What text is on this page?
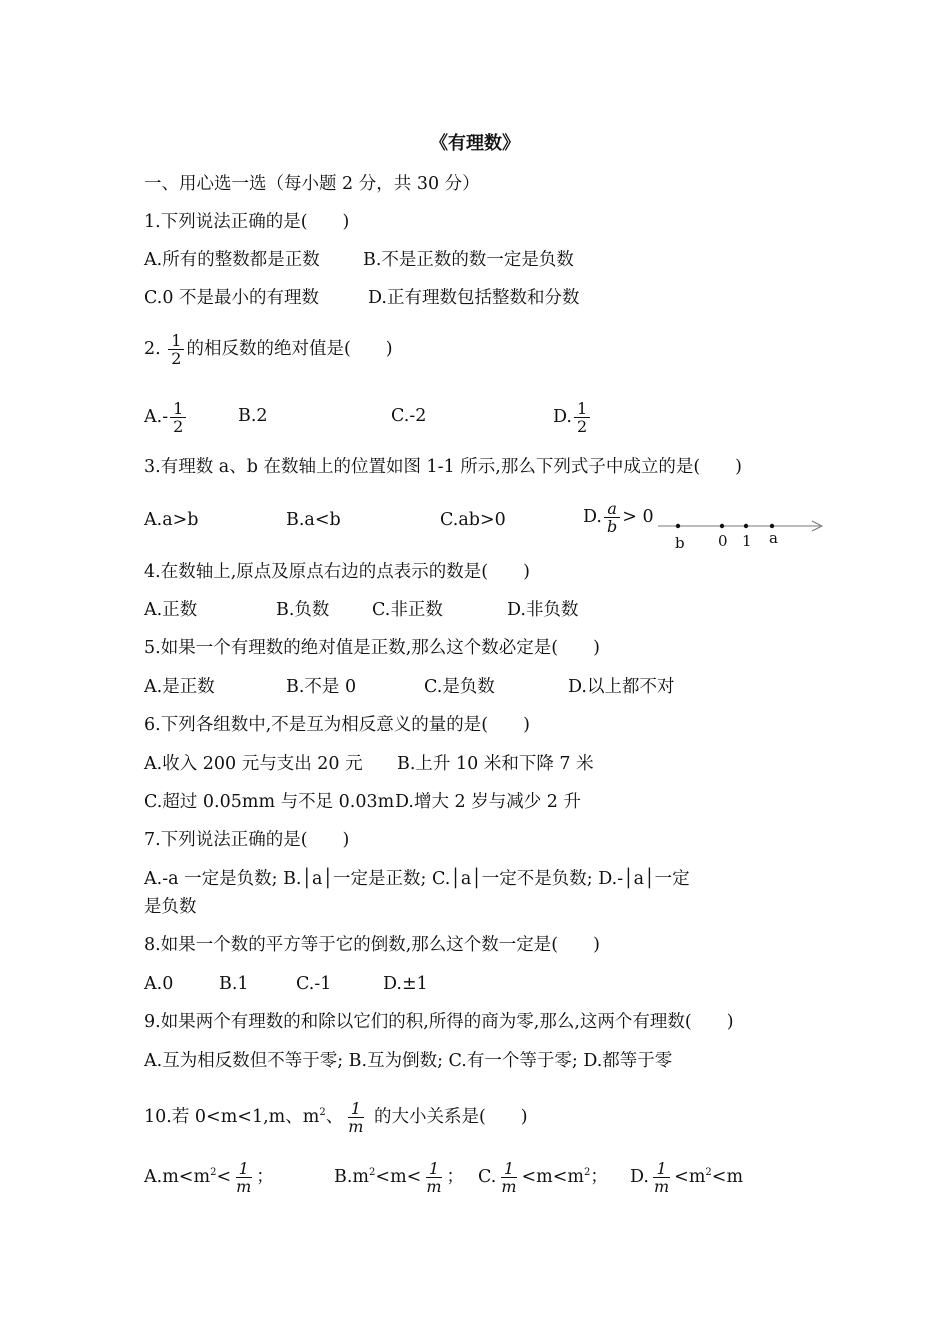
《有理数》
一、用心选一选（每小题 2 分，共 30 分）
1.下列说法正确的是(　　)
A.所有的整数都是正数 B.不是正数的数一定是负数
C.0 不是最小的有理数	D.正有理数包括整数和分数
2. $\frac{1}{2}$ 的相反数的绝对值是(　　)
$A.- \frac{1}{2}$	B.2	C.-2	D. $\frac{1}{2}$
3.有理数 a、b 在数轴上的位置如图 1-1 所示,那么下列式子中成立的是(　　)
A.a>b	B.a<b	C.ab>0	D. $\frac{a}{b} > 0$
b 0 1 a
4.在数轴上,原点及原点右边的点表示的数是(　　)
A.正数	B.负数 C.非正数	D.非负数
5.如果一个有理数的绝对值是正数,那么这个数必定是(　　)
A.是正数	B.不是 0	C.是负数	D.以上都不对
6.下列各组数中,不是互为相反意义的量的是(　　)
A.收入 200 元与支出 20 元 B.上升 10 米和下降 7 米
C.超过 0.05mm 与不足 0.03m D.增大 2 岁与减少 2 升
7.下列说法正确的是(　　)
A.-a 一定是负数; B.│a│一定是正数; C.│a│一定不是负数; D.-│a│一定
是负数
8.如果一个数的平方等于它的倒数,那么这个数一定是(　　)
A.0	B.1	C.-1	D.±1
9.如果两个有理数的和除以它们的积,所得的商为零,那么,这两个有理数(　　)
A.互为相反数但不等于零; B.互为倒数; C.有一个等于零; D.都等于零
10.若 0<m<1,m、$m^2$、 $\frac{1}{m}$ 的大小关系是(　　)
$A.m<m^2< \frac{1}{m}$ ；	$B.m^2<m< \frac{1}{m}$ ； C. $\frac{1}{m} <m<m^2$； D. $\frac{1}{m} <m^2<m$
